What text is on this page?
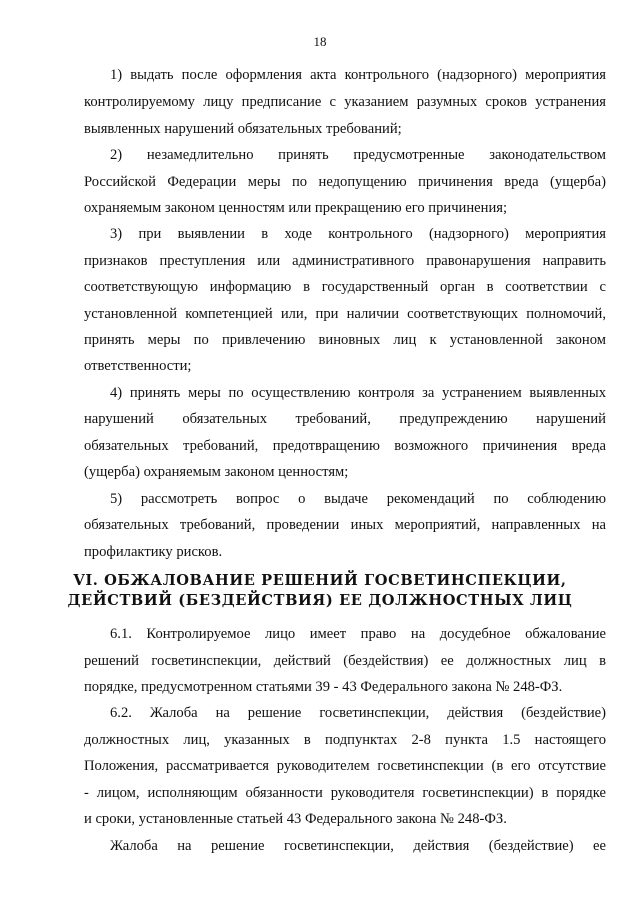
18
1) выдать после оформления акта контрольного (надзорного) мероприятия
контролируемому лицу предписание с указанием разумных сроков устранения
выявленных нарушений обязательных требований;
2) незамедлительно принять предусмотренные законодательством
Российской Федерации меры по недопущению причинения вреда (ущерба)
охраняемым законом ценностям или прекращению его причинения;
3) при выявлении в ходе контрольного (надзорного) мероприятия
признаков преступления или административного правонарушения направить
соответствующую информацию в государственный орган в соответствии с
установленной компетенцией или, при наличии соответствующих полномочий,
принять меры по привлечению виновных лиц к установленной законом
ответственности;
4) принять меры по осуществлению контроля за устранением выявленных
нарушений обязательных требований, предупреждению нарушений
обязательных требований, предотвращению возможного причинения вреда
(ущерба) охраняемым законом ценностям;
5) рассмотреть вопрос о выдаче рекомендаций по соблюдению
обязательных требований, проведении иных мероприятий, направленных на
профилактику рисков.
VI. ОБЖАЛОВАНИЕ РЕШЕНИЙ ГОСВЕТИНСПЕКЦИИ,
ДЕЙСТВИЙ (БЕЗДЕЙСТВИЯ) ЕЕ ДОЛЖНОСТНЫХ ЛИЦ
6.1. Контролируемое лицо имеет право на досудебное обжалование
решений госветинспекции, действий (бездействия) ее должностных лиц в
порядке, предусмотренном статьями 39 - 43 Федерального закона № 248-ФЗ.
6.2. Жалоба на решение госветинспекции, действия (бездействие)
должностных лиц, указанных в подпунктах 2-8 пункта 1.5 настоящего
Положения, рассматривается руководителем госветинспекции (в его отсутствие
- лицом, исполняющим обязанности руководителя госветинспекции) в порядке
и сроки, установленные статьей 43 Федерального закона № 248-ФЗ.
Жалоба на решение госветинспекции, действия (бездействие) ее
